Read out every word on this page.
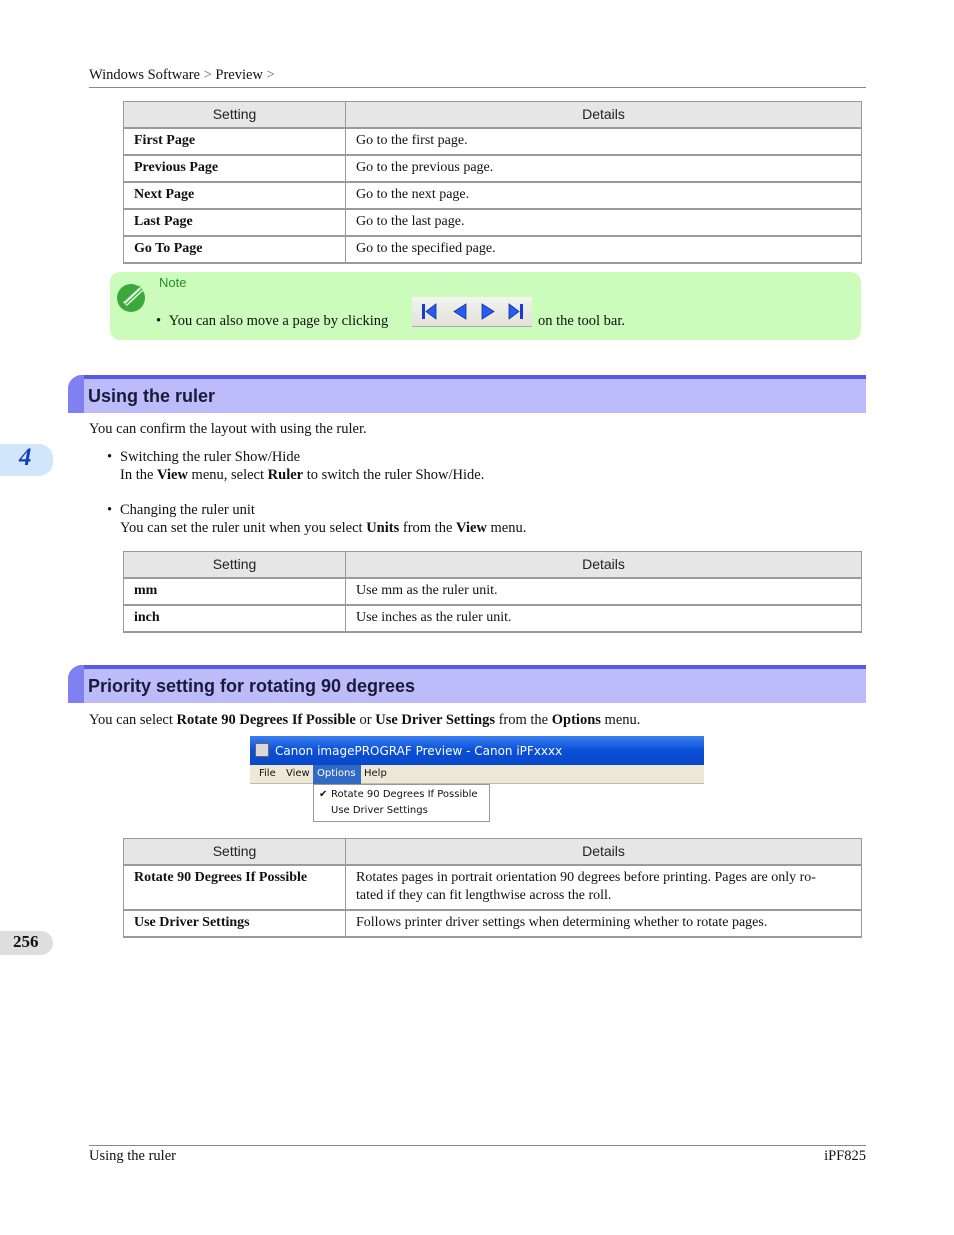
Windows Software > Preview >
Setting	Details
First Page	Go to the first page.
Previous Page	Go to the previous page.
Next Page	Go to the next page.
Last Page	Go to the last page.
Go To Page	Go to the specified page.
Note
• You can also move a page by clicking	on the tool bar.
Using the ruler
You can confirm the layout with using the ruler.
• Switching the ruler Show/Hide
In the View menu, select Ruler to switch the ruler Show/Hide.
• Changing the ruler unit
You can set the ruler unit when you select Units from the View menu.
Setting	Details
mm	Use mm as the ruler unit.
inch	Use inches as the ruler unit.
Priority setting for rotating 90 degrees
You can select Rotate 90 Degrees If Possible or Use Driver Settings from the Options menu.
Canon imagePROGRAF Preview - Canon iPFxxxx
File View Options Help
✔ Rotate 90 Degrees If Possible
Use Driver Settings
Setting	Details
Rotate 90 Degrees If Possible	Rotates pages in portrait orientation 90 degrees before printing. Pages are only ro-
tated if they can fit lengthwise across the roll.

Use Driver Settings	Follows printer driver settings when determining whether to rotate pages.
4
256
Using the ruler	iPF825
